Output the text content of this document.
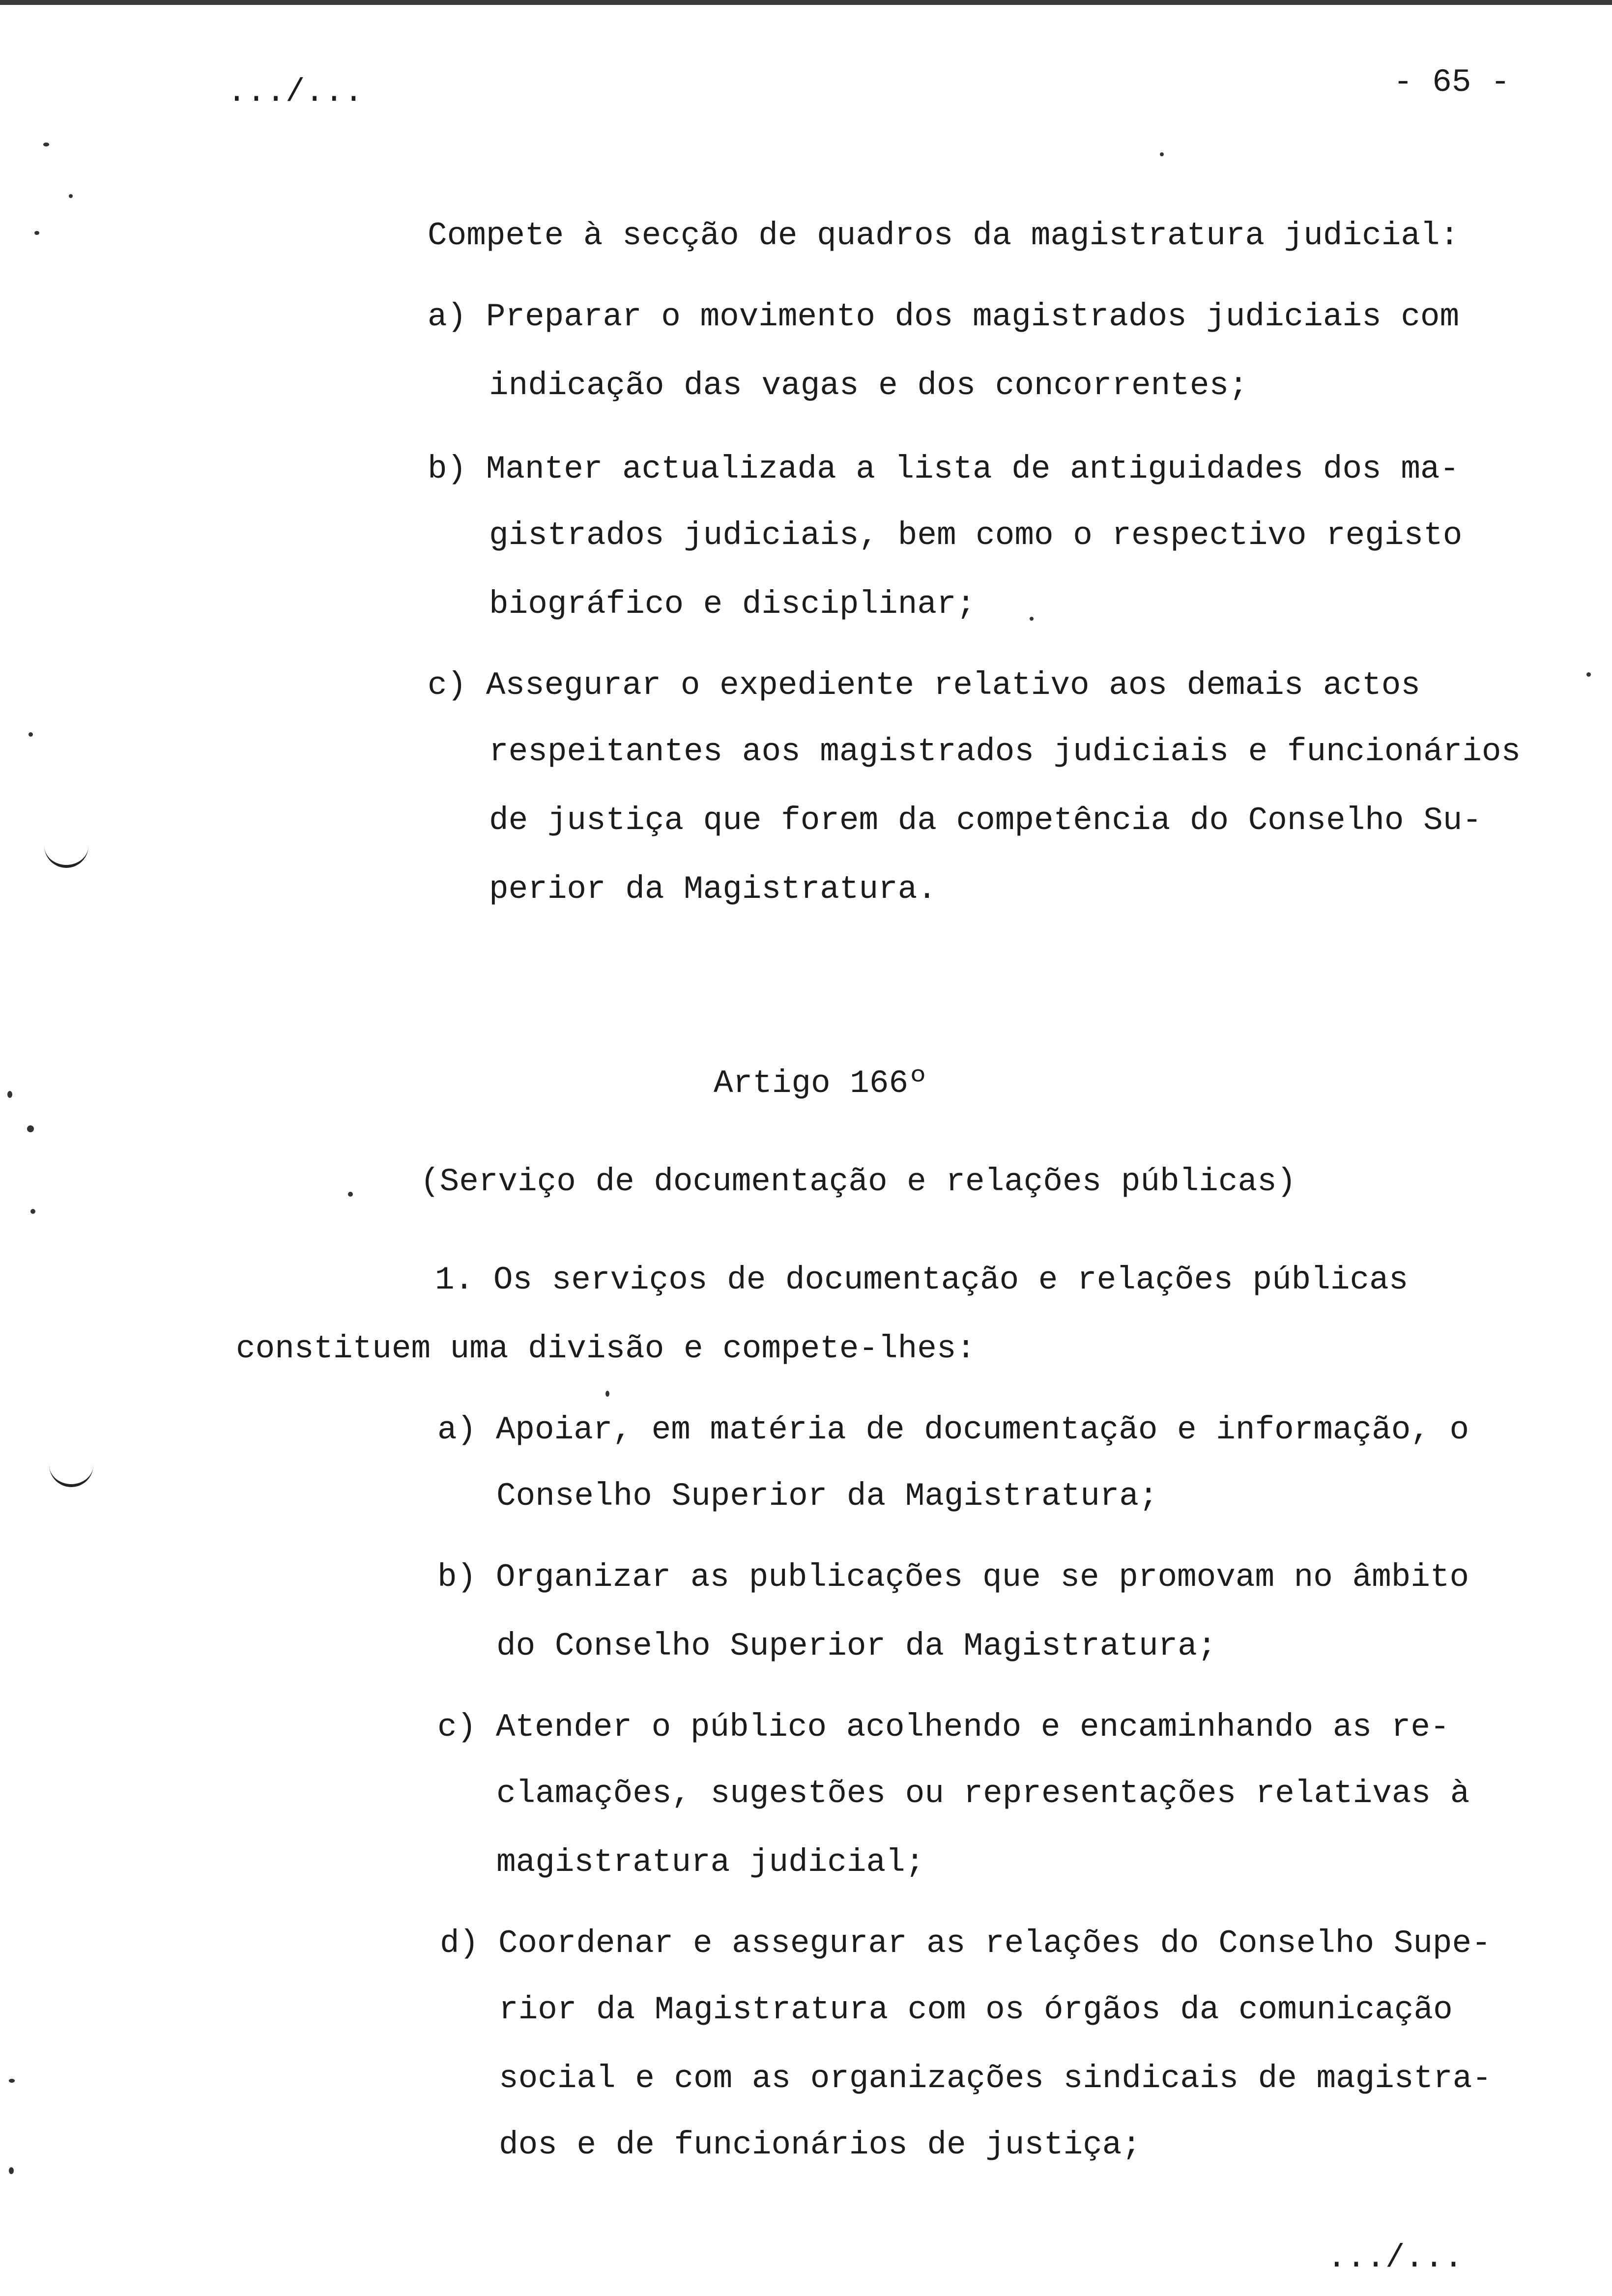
.../...	- 65 -
Compete à secção de quadros da magistratura judicial:
a) Preparar o movimento dos magistrados judiciais com
indicação das vagas e dos concorrentes;
b) Manter actualizada a lista de antiguidades dos ma-
gistrados judiciais, bem como o respectivo registo
biográfico e disciplinar;
c) Assegurar o expediente relativo aos demais actos
respeitantes aos magistrados judiciais e funcionários
de justiça que forem da competência do Conselho Su-
perior da Magistratura.
Artigo 166º
(Serviço de documentação e relações públicas)
1. Os serviços de documentação e relações públicas
constituem uma divisão e compete-lhes:
a) Apoiar, em matéria de documentação e informação, o
Conselho Superior da Magistratura;
b) Organizar as publicações que se promovam no âmbito
do Conselho Superior da Magistratura;
c) Atender o público acolhendo e encaminhando as re-
clamações, sugestões ou representações relativas à
magistratura judicial;
d) Coordenar e assegurar as relações do Conselho Supe-
rior da Magistratura com os órgãos da comunicação
social e com as organizações sindicais de magistra-
dos e de funcionários de justiça;
.../...
